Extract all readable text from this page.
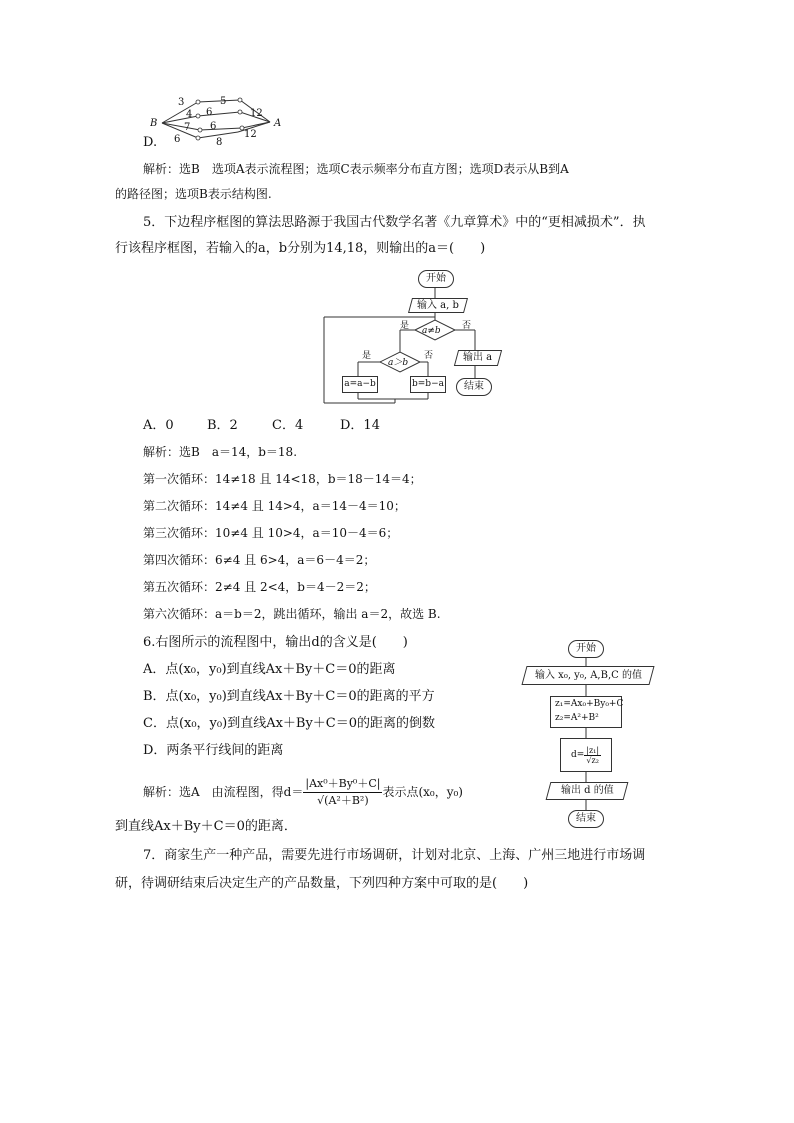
D.
B	A
3	5
4 6	12
7 6
6	8
12
解析：选B　选项A表示流程图；选项C表示频率分布直方图；选项D表示从B到A
的路径图；选项B表示结构图.
5．下边程序框图的算法思路源于我国古代数学名著《九章算术》中的“更相减损术”．执
行该程序框图，若输入的a，b分别为14,18，则输出的a＝(　　)
a≠b
a＞b
是	否
是	否
开始
输入 a, b
a=a−b	b=b−a
输出 a
结束
A．0	B．2	C．4	D．14
解析：选B　a＝14，b＝18.
第一次循环：14≠18 且 14<18，b＝18－14＝4；
第二次循环：14≠4 且 14>4，a＝14－4＝10；
第三次循环：10≠4 且 10>4，a＝10－4＝6；
第四次循环：6≠4 且 6>4，a＝6－4＝2；
第五次循环：2≠4 且 2<4，b＝4－2＝2；
第六次循环：a＝b＝2，跳出循环，输出 a＝2，故选 B.
6.右图所示的流程图中，输出d的含义是(　　)
A．点(x₀，y₀)到直线Ax＋By＋C＝0的距离
B．点(x₀，y₀)到直线Ax＋By＋C＝0的距离的平方
C．点(x₀，y₀)到直线Ax＋By＋C＝0的距离的倒数
D．两条平行线间的距离
解析：选A　由流程图，得$d= \frac{\text{|Ax⁰＋By⁰＋C|}}{\text{√(A²＋B²)}}$ 表示点(x₀，y₀)
到直线Ax＋By＋C＝0的距离．
开始
输入 x₀, y₀, A,B,C 的值
z₁=Ax₀+By₀+C
z₂=A²+B²
$d= \frac{\text{|z₁|}}{\text{√z₂}}$
输出 d 的值
结束
7．商家生产一种产品，需要先进行市场调研，计划对北京、上海、广州三地进行市场调
研，待调研结束后决定生产的产品数量，下列四种方案中可取的是(　　)
